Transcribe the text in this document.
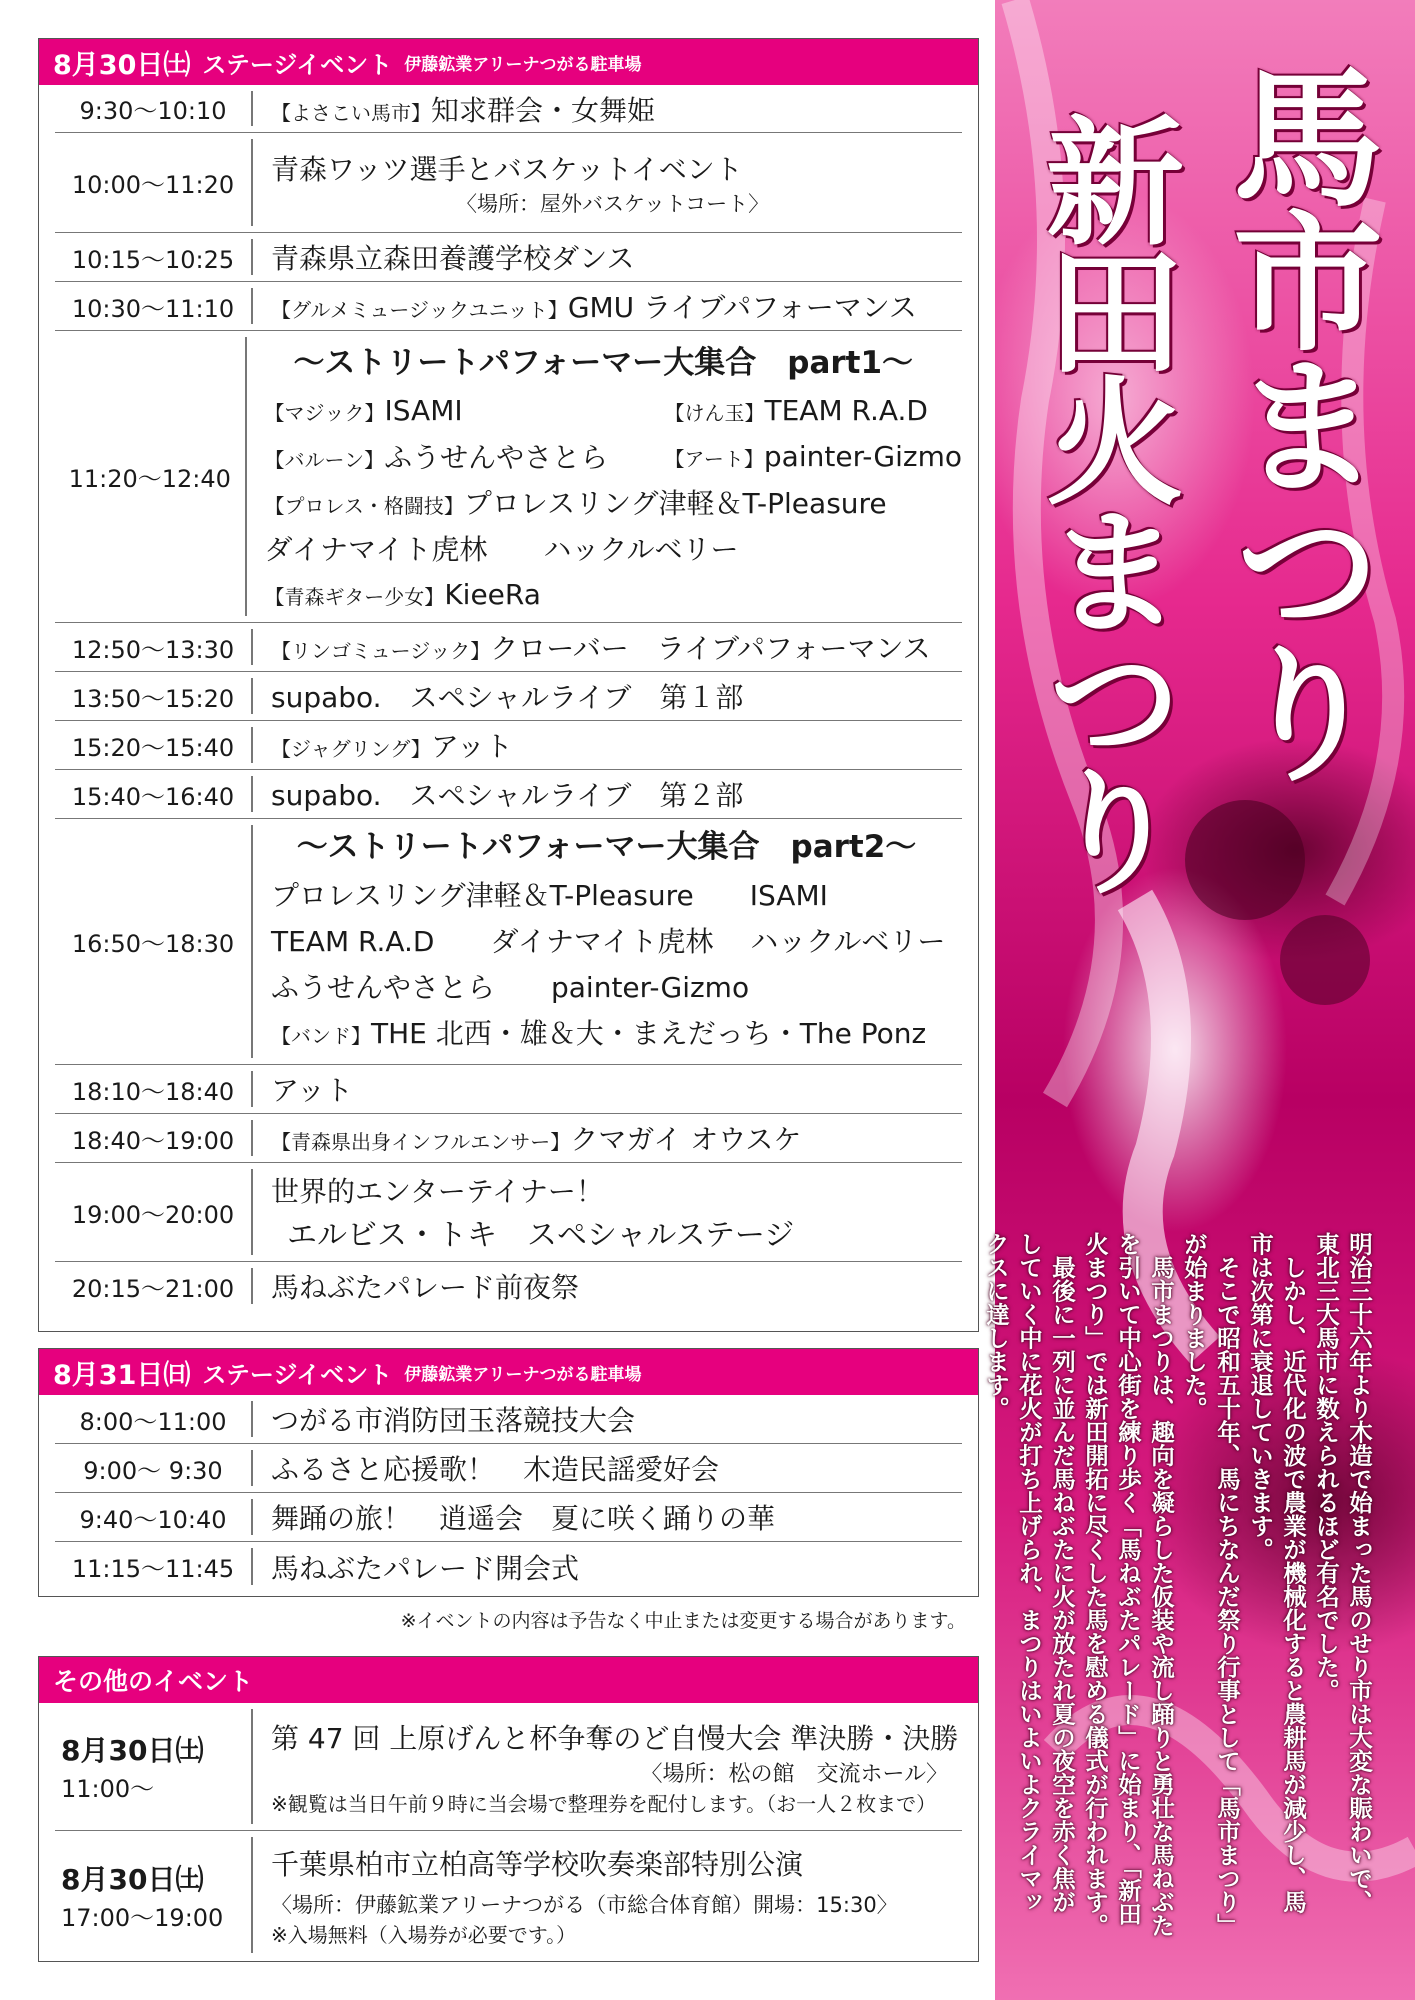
8月30日㈯ ステージイベント 伊藤鉱業アリーナつがる駐車場
9:30～10:10	【よさこい馬市】知求群会・女舞姫
10:00～11:20	青森ワッツ選手とバスケットイベント
〈場所：屋外バスケットコート〉
10:15～10:25	青森県立森田養護学校ダンス
10:30～11:10	【グルメミュージックユニット】GMU ライブパフォーマンス
11:20～12:40
～ストリートパフォーマー大集合　part1～
【マジック】ISAMI	【けん玉】TEAM R.A.D
【バルーン】ふうせんやさとら	【アート】painter-Gizmo
【プロレス・格闘技】プロレスリング津軽＆T-Pleasure
ダイナマイト虎林　　ハックルベリー
【青森ギター少女】KieeRa
12:50～13:30	【リンゴミュージック】クローバー　ライブパフォーマンス
13:50～15:20	supabo.　スペシャルライブ　第１部
15:20～15:40	【ジャグリング】アット
15:40～16:40	supabo.　スペシャルライブ　第２部
16:50～18:30
～ストリートパフォーマー大集合　part2～
プロレスリング津軽＆T-Pleasure　　ISAMI
TEAM R.A.D　　ダイナマイト虎林　 ハックルベリー
ふうせんやさとら　　painter-Gizmo
【バンド】THE 北西・雄＆大・まえだっち・The Ponz
18:10～18:40	アット
18:40～19:00	【青森県出身インフルエンサー】クマガイ オウスケ
19:00～20:00
世界的エンターテイナー！
エルビス・トキ　スペシャルステージ
20:15～21:00	馬ねぶたパレード前夜祭
8月31日㈰ ステージイベント 伊藤鉱業アリーナつがる駐車場
8:00～11:00	つがる市消防団玉落競技大会
9:00～ 9:30	ふるさと応援歌！　木造民謡愛好会
9:40～10:40	舞踊の旅！　逍遥会　夏に咲く踊りの華
11:15～11:45	馬ねぶたパレード開会式
※イベントの内容は予告なく中止または変更する場合があります。
その他のイベント
8月30日㈯
11:00～
第 47 回 上原げんと杯争奪のど自慢大会 準決勝・決勝
〈場所：松の館　交流ホール〉
※観覧は当日午前９時に当会場で整理券を配付します。（お一人２枚まで）
8月30日㈯
17:00～19:00
千葉県柏市立柏高等学校吹奏楽部特別公演
〈場所：伊藤鉱業アリーナつがる（市総合体育館）開場：15:30〉
※入場無料（入場券が必要です。）
馬市まつり
新田火まつり

明治三十六年より木造で始まった馬のせり市は大変な賑わいで、

東北三大馬市に数えられるほど有名でした。

　しかし、近代化の波で農業が機械化すると農耕馬が減少し、馬

市は次第に衰退していきます。

　そこで昭和五十年、馬にちなんだ祭り行事として「馬市まつり」

が始まりました。

　馬市まつりは、趣向を凝らした仮装や流し踊りと勇壮な馬ねぶた

を引いて中心街を練り歩く「馬ねぶたパレード」に始まり、「新田

火まつり」では新田開拓に尽くした馬を慰める儀式が行われます。

　最後に一列に並んだ馬ねぶたに火が放たれ夏の夜空を赤く焦が

していく中に花火が打ち上げられ、まつりはいよいよクライマッ

クスに達します。
